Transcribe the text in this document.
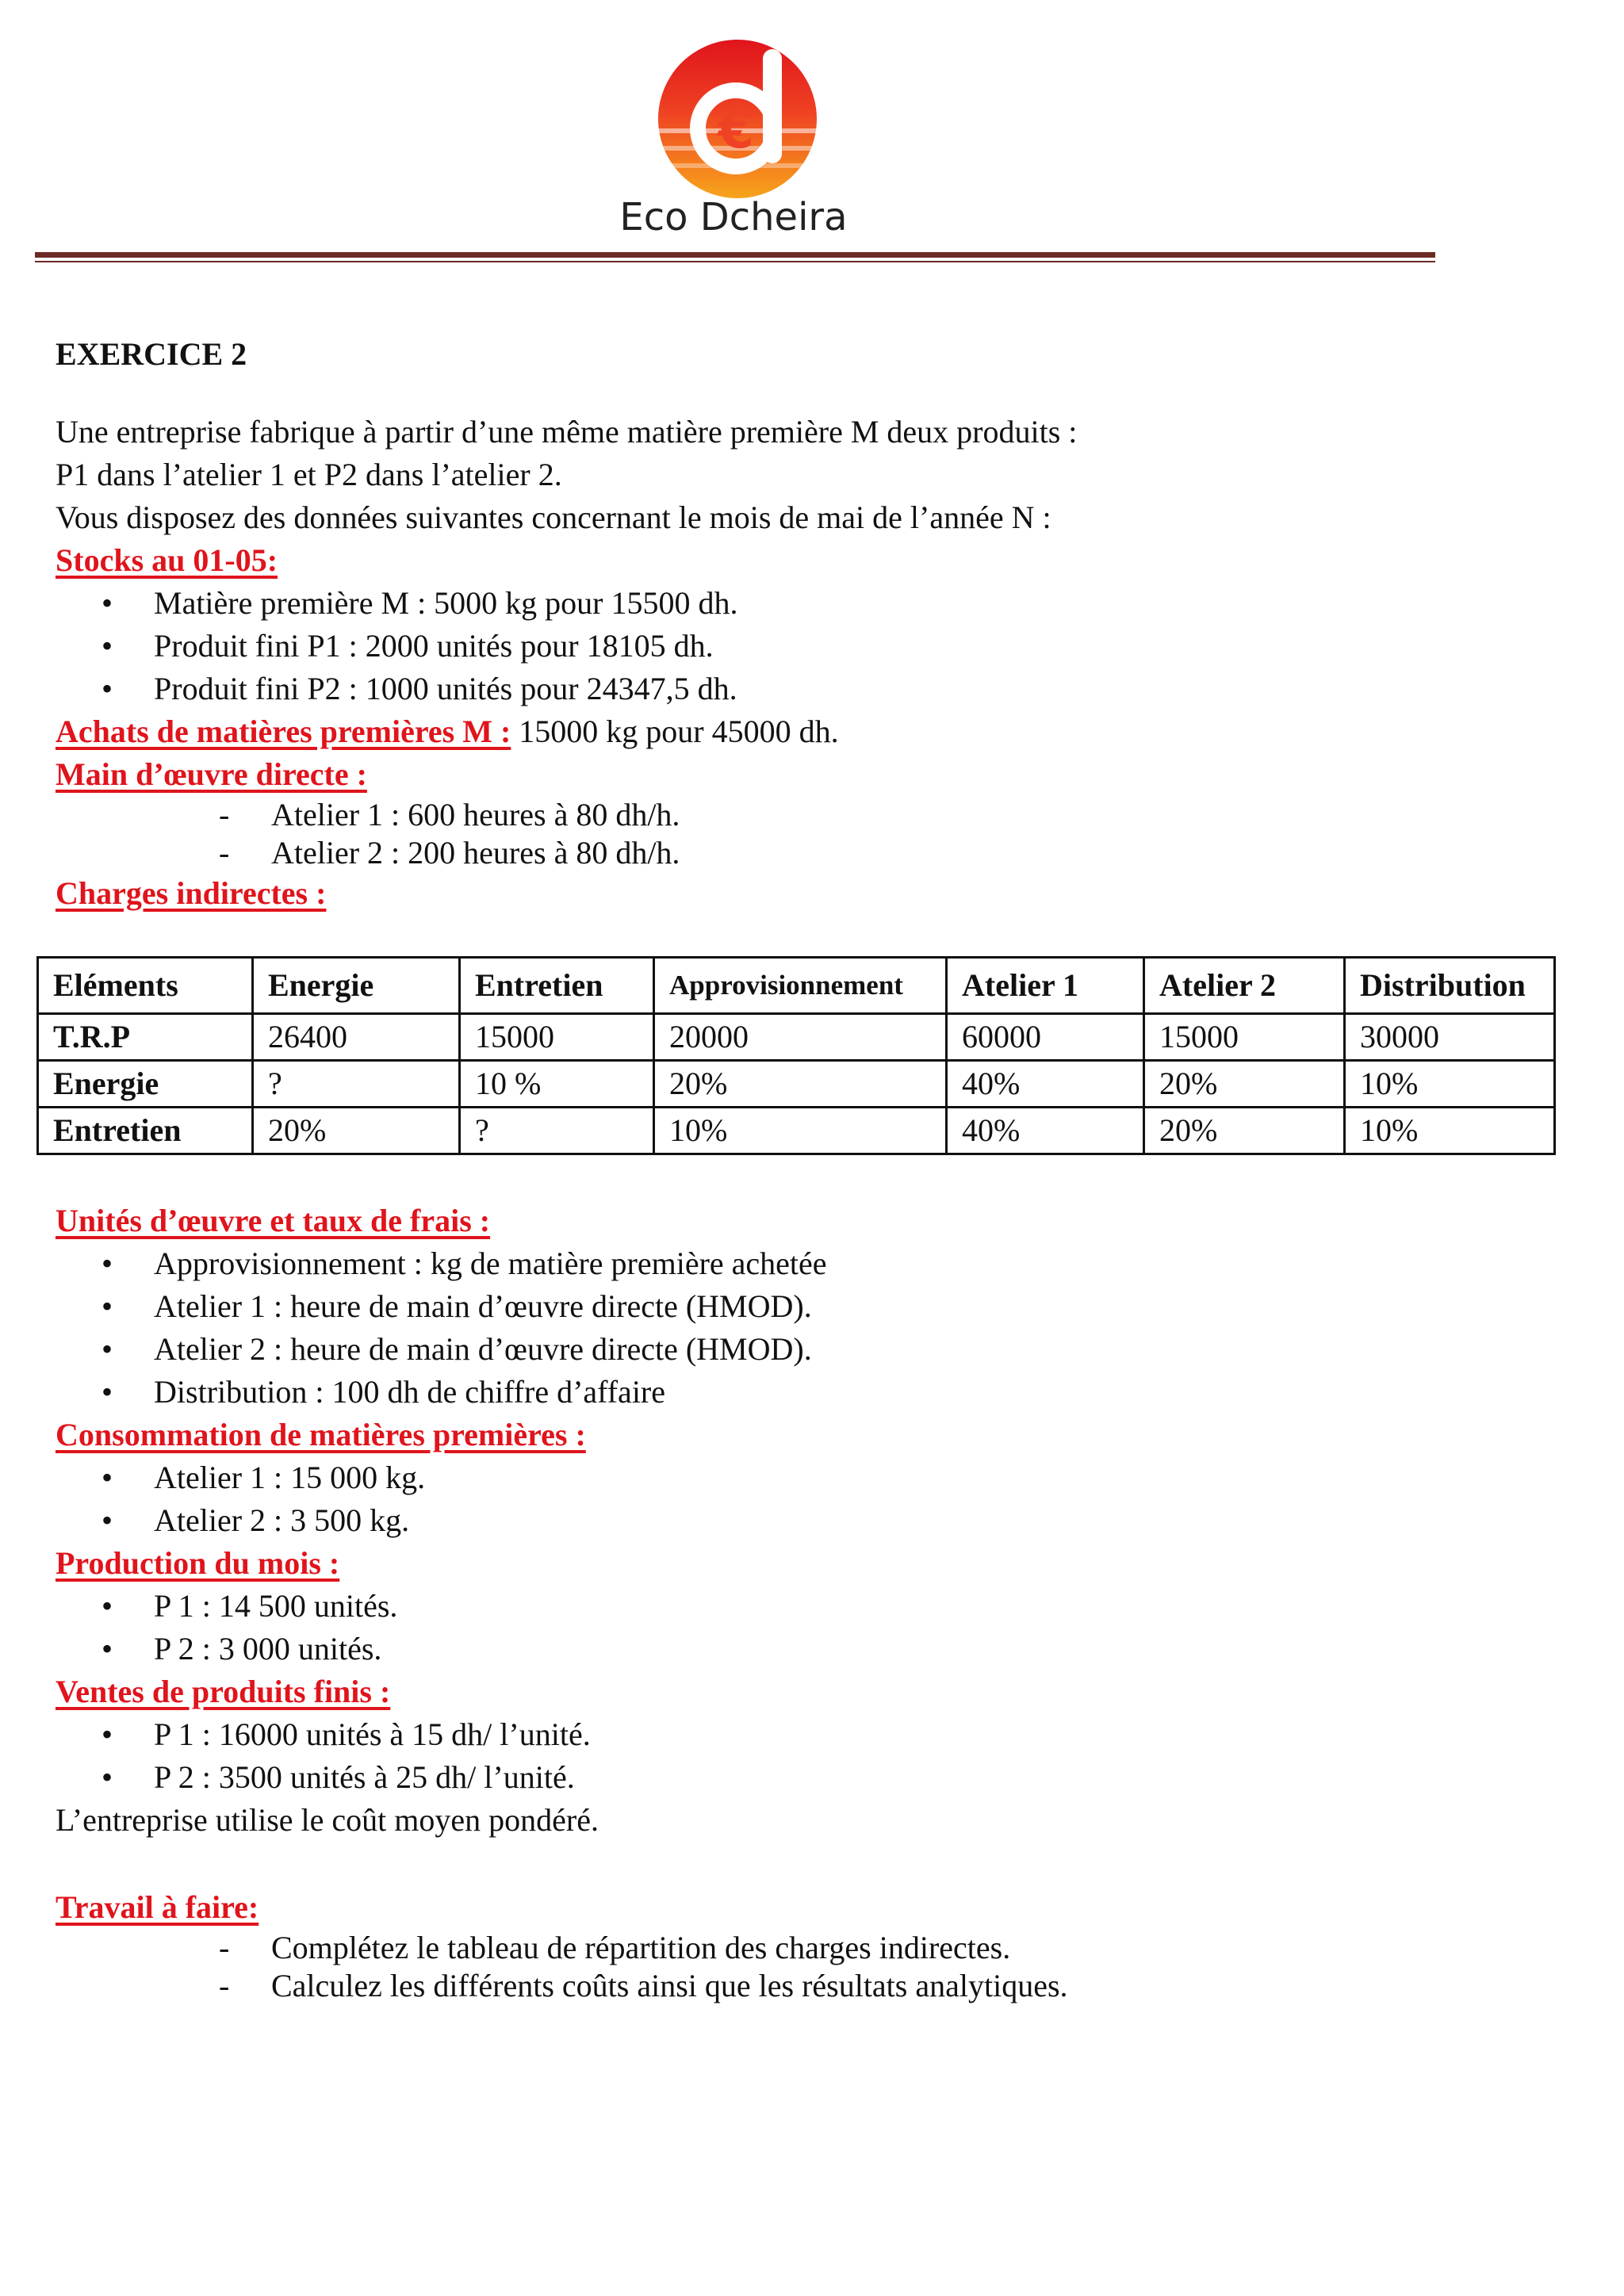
€
Eco Dcheira
EXERCICE 2

Une entreprise fabrique à partir d’une même matière première M deux produits :

P1 dans l’atelier 1 et P2 dans l’atelier 2.

Vous disposez des données suivantes concernant le mois de mai de l’année N :

Stocks au 01-05:
• Matière première M : 5000 kg pour 15500 dh.
• Produit fini P1 : 2000 unités pour 18105 dh.
• Produit fini P2 : 1000 unités pour 24347,5 dh.
Achats de matières premières M : 15000 kg pour 45000 dh.
Main d’œuvre directe :
- Atelier 1 : 600 heures à 80 dh/h.
- Atelier 2 : 200 heures à 80 dh/h.
Charges indirectes :
Eléments	Energie	Entretien	Approvisionnement	Atelier 1	Atelier 2	Distribution
T.R.P	26400	15000	20000	60000	15000	30000
Energie	?	10 %	20%	40%	20%	10%
Entretien	20%	?	10%	40%	20%	10%
Unités d’œuvre et taux de frais :
• Approvisionnement : kg de matière première achetée
• Atelier 1 : heure de main d’œuvre directe (HMOD).
• Atelier 2 : heure de main d’œuvre directe (HMOD).
• Distribution : 100 dh de chiffre d’affaire
Consommation de matières premières :
• Atelier 1 : 15 000 kg.
• Atelier 2 : 3 500 kg.
Production du mois :
• P 1 : 14 500 unités.
• P 2 : 3 000 unités.
Ventes de produits finis :
• P 1 : 16000 unités à 15 dh/ l’unité.
• P 2 : 3500 unités à 25 dh/ l’unité.

L’entreprise utilise le coût moyen pondéré.

Travail à faire:
- Complétez le tableau de répartition des charges indirectes.
- Calculez les différents coûts ainsi que les résultats analytiques.
